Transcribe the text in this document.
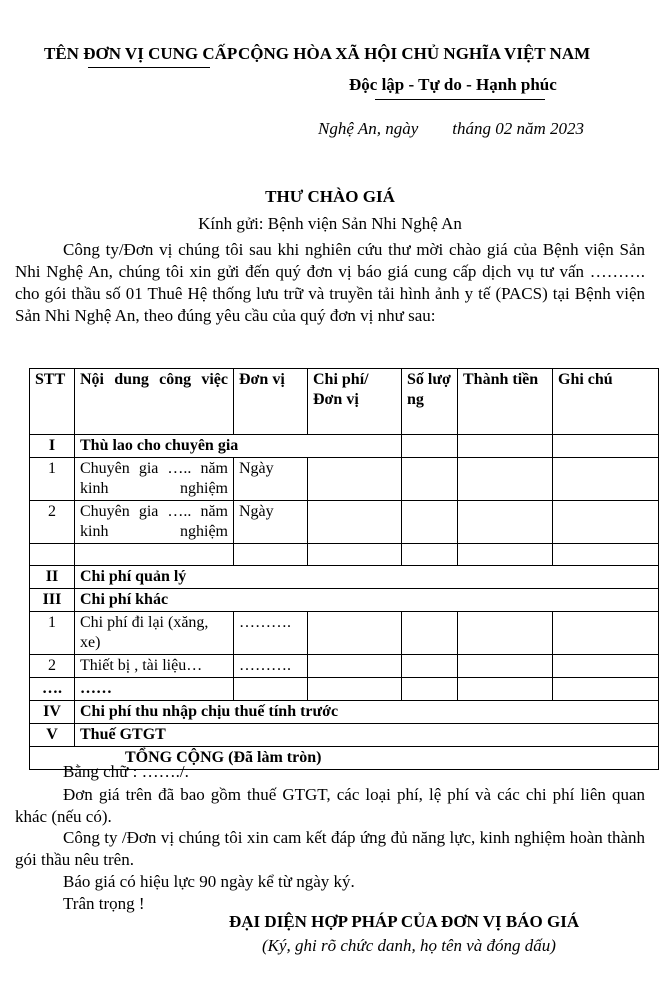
TÊN ĐƠN VỊ CUNG CẤP CỘNG HÒA XÃ HỘI CHỦ NGHĨA VIỆT NAM
Độc lập - Tự do - Hạnh phúc
Nghệ An, ngày        tháng 02 năm 2023
THƯ CHÀO GIÁ
Kính gửi: Bệnh viện Sản Nhi Nghệ An
Công ty/Đơn vị chúng tôi sau khi nghiên cứu thư mời chào giá của Bệnh viện Sản Nhi Nghệ An, chúng tôi xin gửi đến quý đơn vị báo giá cung cấp dịch vụ tư vấn ………. cho gói thầu số 01 Thuê Hệ thống lưu trữ và truyền tải hình ảnh y tế (PACS) tại Bệnh viện Sản Nhi Nghệ An, theo đúng yêu cầu của quý đơn vị như sau:
STT	Nội dung công việc	Đơn vị	Chi phí/ Đơn vị	Số lượng	Thành tiền	Ghi chú
I	Thù lao cho chuyên gia					
1	Chuyên gia ….. năm kinh nghiệm	Ngày				
2	Chuyên gia ….. năm kinh nghiệm	Ngày				

II	Chi phí quản lý					
III	Chi phí khác					
1	Chi phí đi lại (xăng, xe)	……….				
2	Thiết bị , tài liệu…	……….				
….	……					
IV	Chi phí thu nhập chịu thuế tính trước					
V	Thuế GTGT					
TỔNG CỘNG (Đã làm tròn)						
Bằng chữ : ……./.
Đơn giá trên đã bao gồm thuế GTGT, các loại phí, lệ phí và các chi phí liên quan khác (nếu có).
Công ty /Đơn vị chúng tôi xin cam kết đáp ứng đủ năng lực, kinh nghiệm hoàn thành gói thầu nêu trên.
Báo giá có hiệu lực 90 ngày kể từ ngày ký.
Trân trọng !
ĐẠI DIỆN HỢP PHÁP CỦA ĐƠN VỊ BÁO GIÁ
(Ký, ghi rõ chức danh, họ tên và đóng dấu)
